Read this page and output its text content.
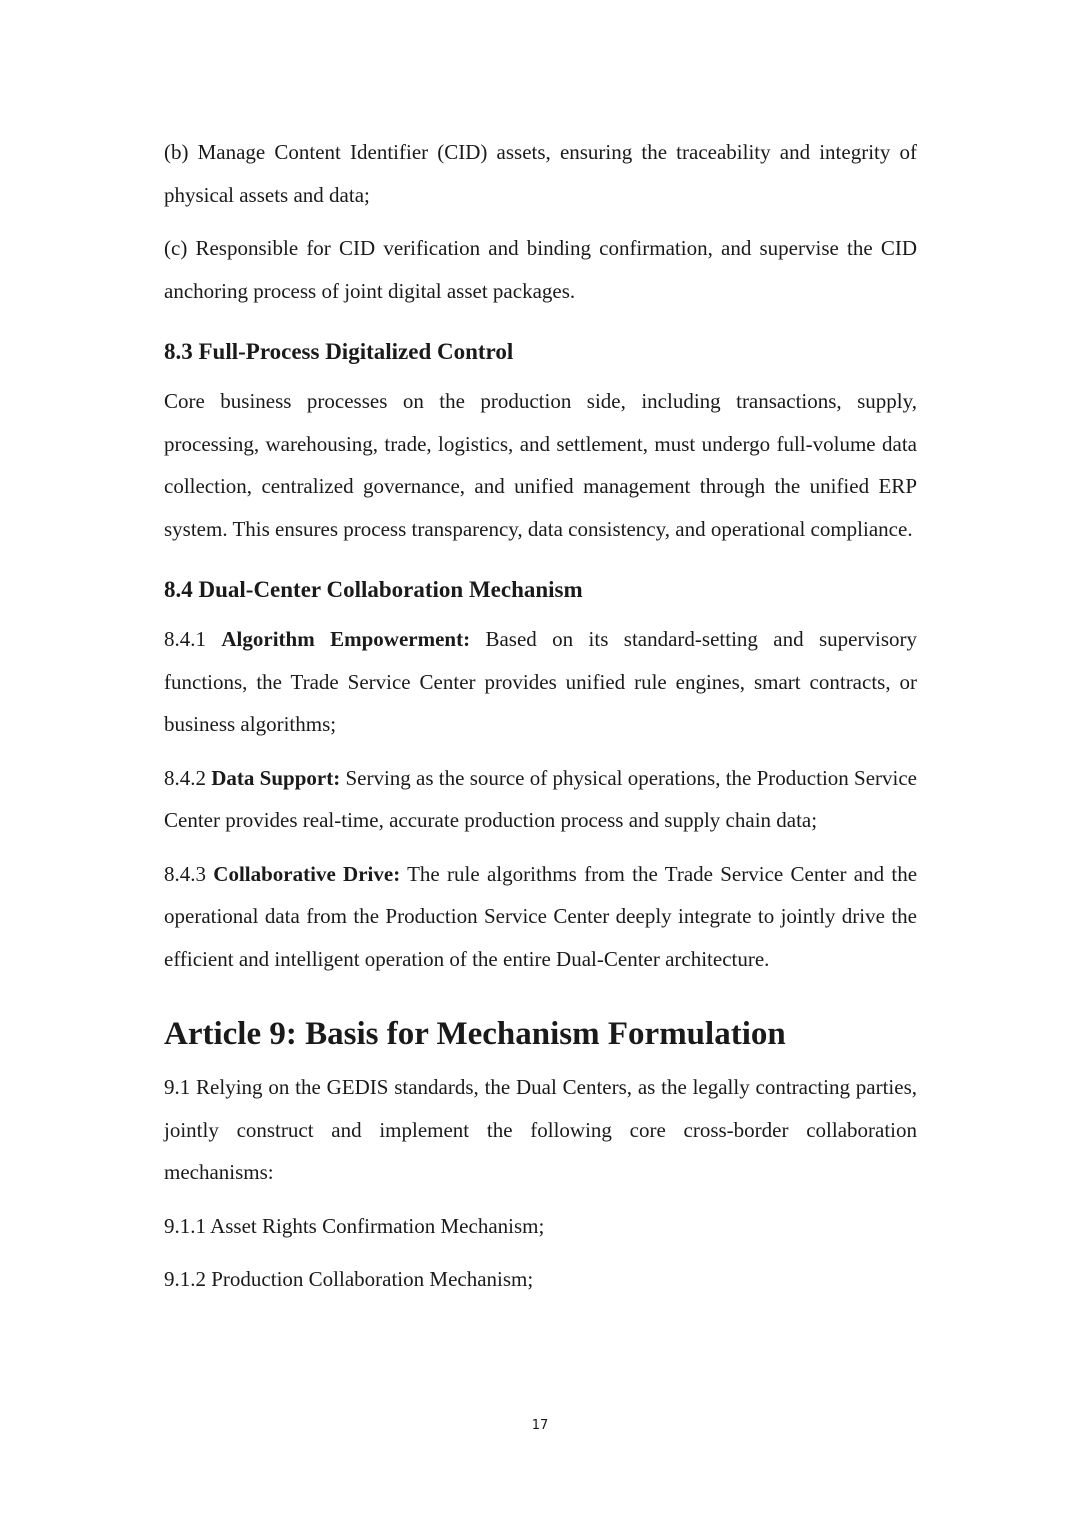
(b) Manage Content Identifier (CID) assets, ensuring the traceability and integrity of physical assets and data;

(c) Responsible for CID verification and binding confirmation, and supervise the CID anchoring process of joint digital asset packages.

8.3 Full-Process Digitalized Control

Core business processes on the production side, including transactions, supply, processing, warehousing, trade, logistics, and settlement, must undergo full-volume data collection, centralized governance, and unified management through the unified ERP system. This ensures process transparency, data consistency, and operational compliance.

8.4 Dual-Center Collaboration Mechanism

8.4.1 Algorithm Empowerment: Based on its standard-setting and supervisory functions, the Trade Service Center provides unified rule engines, smart contracts, or business algorithms;

8.4.2 Data Support: Serving as the source of physical operations, the Production Service Center provides real-time, accurate production process and supply chain data;

8.4.3 Collaborative Drive: The rule algorithms from the Trade Service Center and the operational data from the Production Service Center deeply integrate to jointly drive the efficient and intelligent operation of the entire Dual-Center architecture.

Article 9: Basis for Mechanism Formulation

9.1 Relying on the GEDIS standards, the Dual Centers, as the legally contracting parties, jointly construct and implement the following core cross-border collaboration mechanisms:

9.1.1 Asset Rights Confirmation Mechanism;

9.1.2 Production Collaboration Mechanism;

17
